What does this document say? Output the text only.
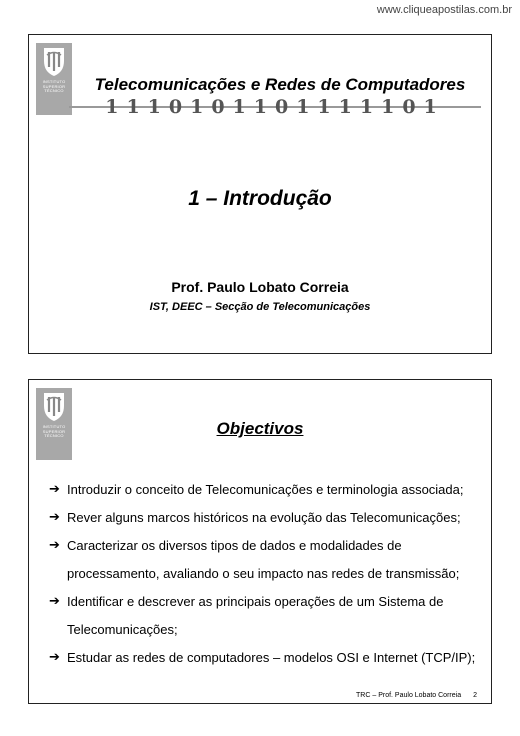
www.cliqueapostilas.com.br
INSTITUTO
SUPERIOR
TÉCNICO	Telecomunicações e Redes de Computadores
1110101101111101
1 – Introdução
Prof. Paulo Lobato Correia
IST, DEEC – Secção de Telecomunicações
INSTITUTO
SUPERIOR
TÉCNICO	Objectivos
➔ Introduzir o conceito de Telecomunicações e terminologia associada;
➔ Rever alguns marcos históricos na evolução das Telecomunicações;
➔ Caracterizar os diversos tipos de dados e modalidades de
processamento, avaliando o seu impacto nas redes de transmissão;
➔ Identificar e descrever as principais operações de um Sistema de
Telecomunicações;
➔ Estudar as redes de computadores – modelos OSI e Internet (TCP/IP);
TRC – Prof. Paulo Lobato Correia 2
